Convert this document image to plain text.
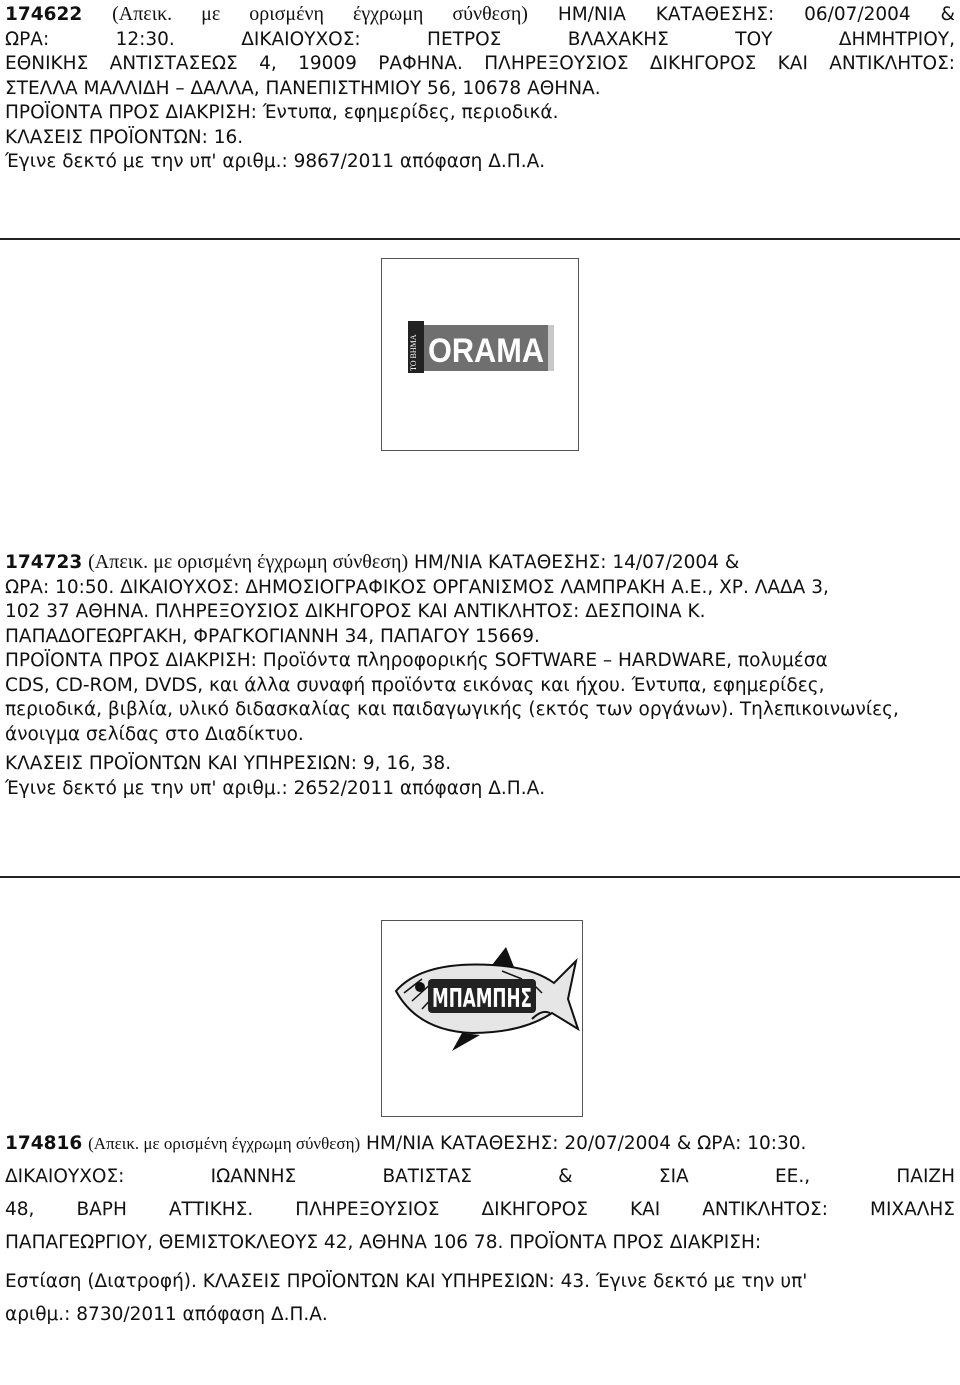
174622 (Απεικ. με ορισμένη έγχρωμη σύνθεση) ΗΜ/ΝΙΑ ΚΑΤΑΘΕΣΗΣ: 06/07/2004 &
ΩΡΑ: 12:30. ΔΙΚΑΙΟΥΧΟΣ: ΠΕΤΡΟΣ ΒΛΑΧΑΚΗΣ ΤΟΥ ΔΗΜΗΤΡΙΟΥ,
ΕΘΝΙΚΗΣ ΑΝΤΙΣΤΑΣΕΩΣ 4, 19009 ΡΑΦΗΝΑ. ΠΛΗΡΕΞΟΥΣΙΟΣ ΔΙΚΗΓΟΡΟΣ ΚΑΙ ΑΝΤΙΚΛΗΤΟΣ:
ΣΤΕΛΛΑ ΜΑΛΛΙΔΗ – ΔΑΛΛΑ, ΠΑΝΕΠΙΣΤΗΜΙΟΥ 56, 10678 ΑΘΗΝΑ.
ΠΡΟΪΟΝΤΑ ΠΡΟΣ ΔΙΑΚΡΙΣΗ: Έντυπα, εφημερίδες, περιοδικά.
ΚΛΑΣΕΙΣ ΠΡΟΪΟΝΤΩΝ: 16.
Έγινε δεκτό με την υπ' αριθμ.: 9867/2011 απόφαση Δ.Π.Α.
ΤΟ ΒΗΜΑ ORAMA
174723 (Απεικ. με ορισμένη έγχρωμη σύνθεση) ΗΜ/ΝΙΑ ΚΑΤΑΘΕΣΗΣ: 14/07/2004 &
ΩΡΑ: 10:50. ΔΙΚΑΙΟΥΧΟΣ: ΔΗΜΟΣΙΟΓΡΑΦΙΚΟΣ ΟΡΓΑΝΙΣΜΟΣ ΛΑΜΠΡΑΚΗ Α.Ε., ΧΡ. ΛΑΔΑ 3,
102 37 ΑΘΗΝΑ. ΠΛΗΡΕΞΟΥΣΙΟΣ ΔΙΚΗΓΟΡΟΣ ΚΑΙ ΑΝΤΙΚΛΗΤΟΣ: ΔΕΣΠΟΙΝΑ Κ.
ΠΑΠΑΔΟΓΕΩΡΓΑΚΗ, ΦΡΑΓΚΟΓΙΑΝΝΗ 34, ΠΑΠΑΓΟΥ 15669.
ΠΡΟΪΟΝΤΑ ΠΡΟΣ ΔΙΑΚΡΙΣΗ: Προϊόντα πληροφορικής SOFTWARE – HARDWARE, πολυμέσα
CDS, CD-ROM, DVDS, και άλλα συναφή προϊόντα εικόνας και ήχου. Έντυπα, εφημερίδες,
περιοδικά, βιβλία, υλικό διδασκαλίας και παιδαγωγικής (εκτός των οργάνων). Τηλεπικοινωνίες,
άνοιγμα σελίδας στο Διαδίκτυο.
ΚΛΑΣΕΙΣ ΠΡΟΪΟΝΤΩΝ ΚΑΙ ΥΠΗΡΕΣΙΩΝ: 9, 16, 38.
Έγινε δεκτό με την υπ' αριθμ.: 2652/2011 απόφαση Δ.Π.Α.
ΜΠΑΜΠΗΣ
174816 (Απεικ. με ορισμένη έγχρωμη σύνθεση) ΗΜ/ΝΙΑ ΚΑΤΑΘΕΣΗΣ: 20/07/2004 & ΩΡΑ: 10:30.
ΔΙΚΑΙΟΥΧΟΣ: ΙΩΑΝΝΗΣ ΒΑΤΙΣΤΑΣ & ΣΙΑ ΕΕ., ΠΑΙΖΗ
48, ΒΑΡΗ ΑΤΤΙΚΗΣ. ΠΛΗΡΕΞΟΥΣΙΟΣ ΔΙΚΗΓΟΡΟΣ ΚΑΙ ΑΝΤΙΚΛΗΤΟΣ: ΜΙΧΑΛΗΣ
ΠΑΠΑΓΕΩΡΓΙΟΥ, ΘΕΜΙΣΤΟΚΛΕΟΥΣ 42, ΑΘΗΝΑ 106 78. ΠΡΟΪΟΝΤΑ ΠΡΟΣ ΔΙΑΚΡΙΣΗ:
Εστίαση (Διατροφή). ΚΛΑΣΕΙΣ ΠΡΟΪΟΝΤΩΝ ΚΑΙ ΥΠΗΡΕΣΙΩΝ: 43. Έγινε δεκτό με την υπ'
αριθμ.: 8730/2011 απόφαση Δ.Π.Α.
